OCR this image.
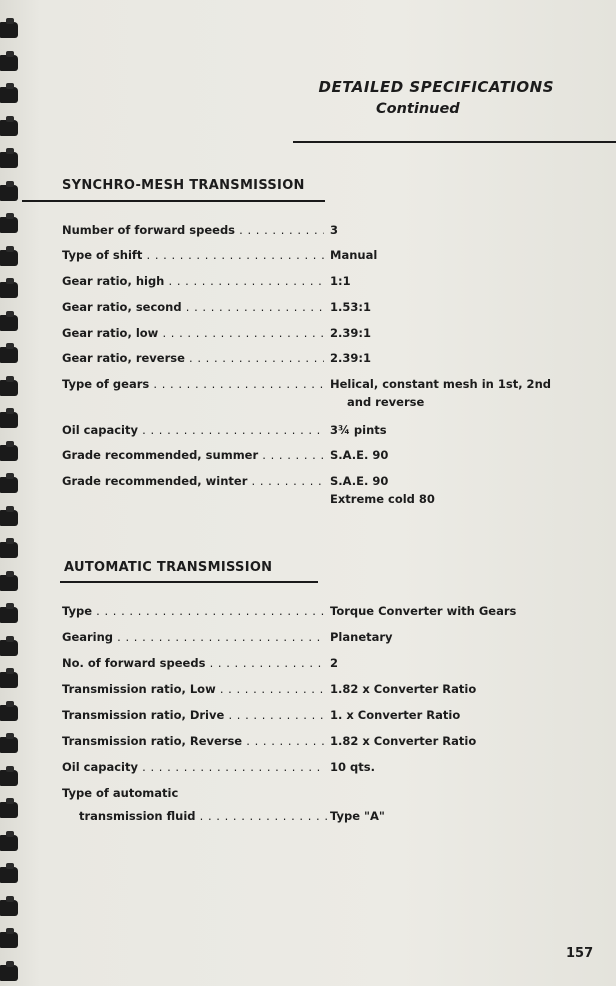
DETAILED SPECIFICATIONS
Continued
SYNCHRO-MESH TRANSMISSION
Number of forward speeds . . .	3
Type of shift . . .	Manual
Gear ratio, high . . .	1:1
Gear ratio, second . . .	1.53:1
Gear ratio, low . . .	2.39:1
Gear ratio, reverse . . .	2.39:1
Type of gears . . .	Helical, constant mesh in 1st, 2nd
and reverse
Oil capacity . . .	3¾ pints
Grade recommended, summer . . .	S.A.E. 90
Grade recommended, winter . . .	S.A.E. 90
Extreme cold 80
AUTOMATIC TRANSMISSION
Type . . .	Torque Converter with Gears
Gearing . . .	Planetary
No. of forward speeds . . .	2
Transmission ratio, Low . . .	1.82 x Converter Ratio
Transmission ratio, Drive . . .	1. x Converter Ratio
Transmission ratio, Reverse . . .	1.82 x Converter Ratio
Oil capacity . . .	10 qts.
Type of automatic
transmission fluid . . .	Type "A"
157
